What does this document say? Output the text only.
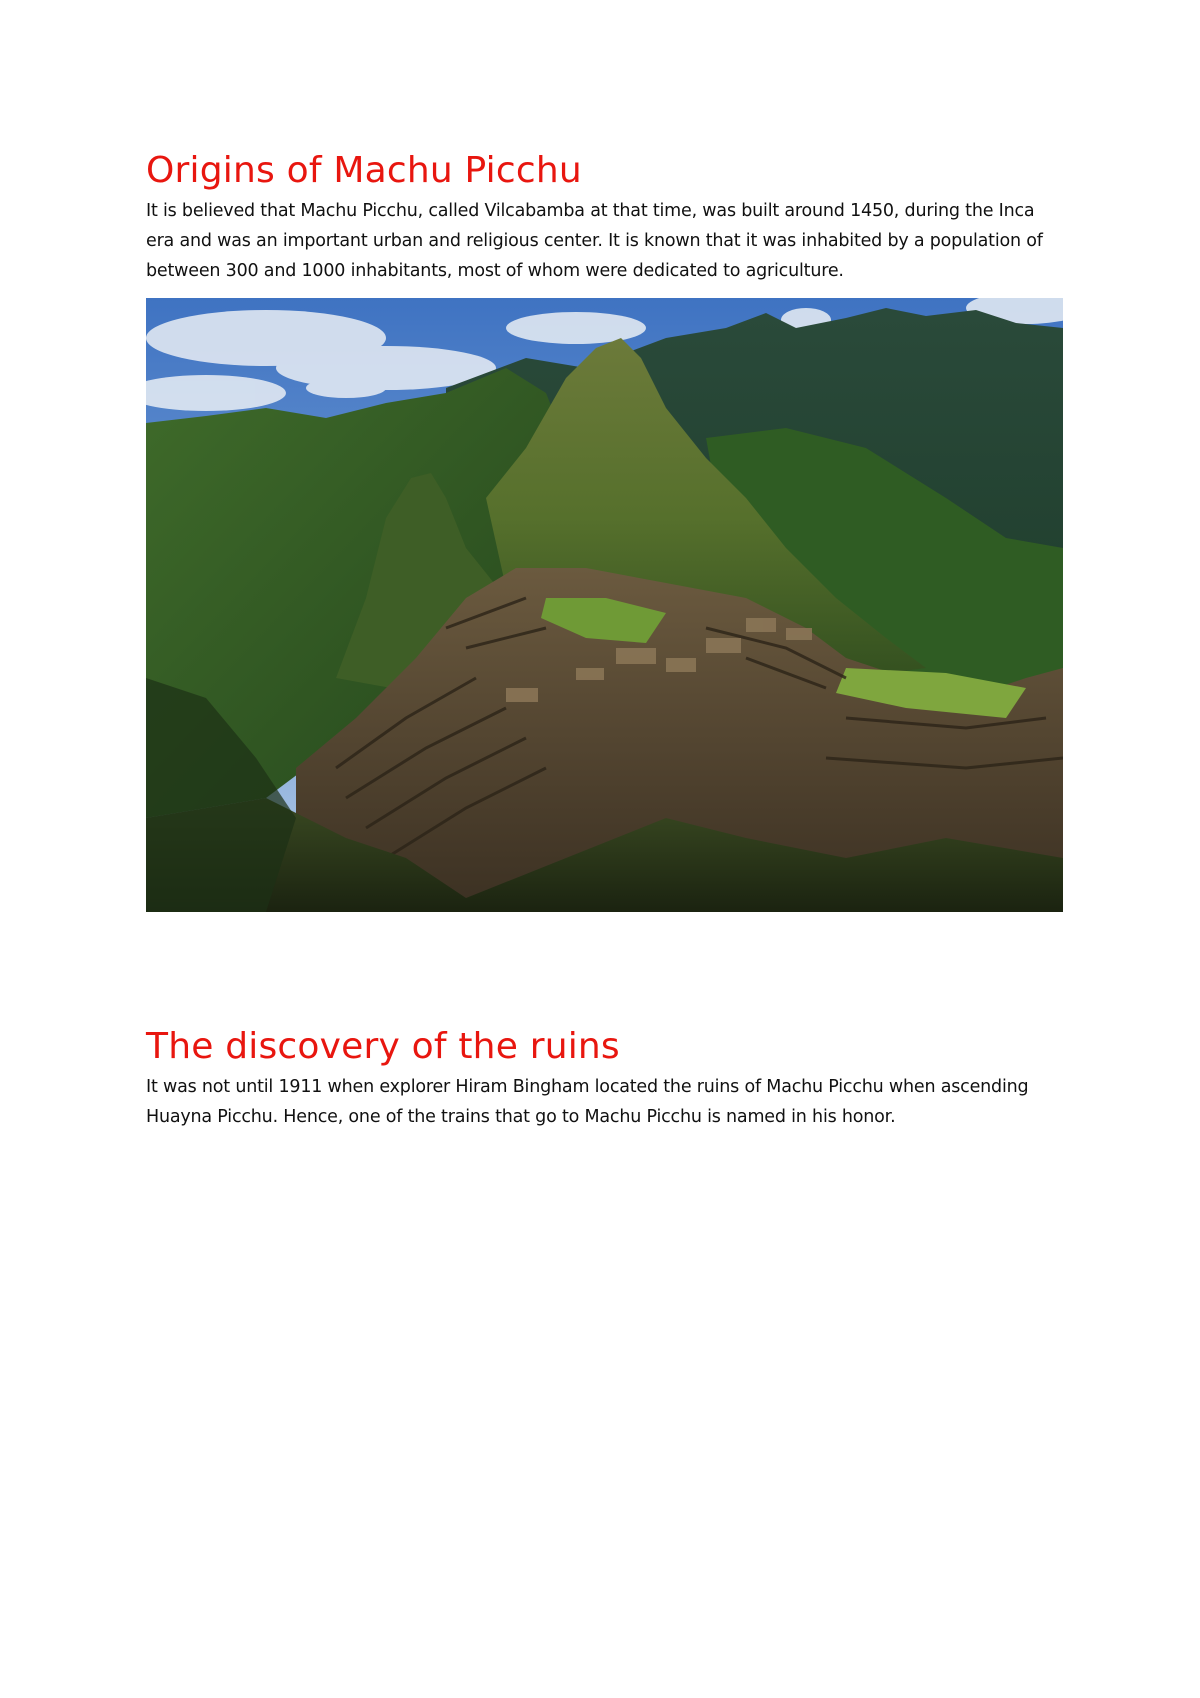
Origins of Machu Picchu

It is believed that Machu Picchu, called Vilcabamba at that time, was built around 1450, during the Inca era and was an important urban and religious center. It is known that it was inhabited by a population of between 300 and 1000 inhabitants, most of whom were dedicated to agriculture.

The discovery of the ruins

It was not until 1911 when explorer Hiram Bingham located the ruins of Machu Picchu when ascending Huayna Picchu. Hence, one of the trains that go to Machu Picchu is named in his honor.
